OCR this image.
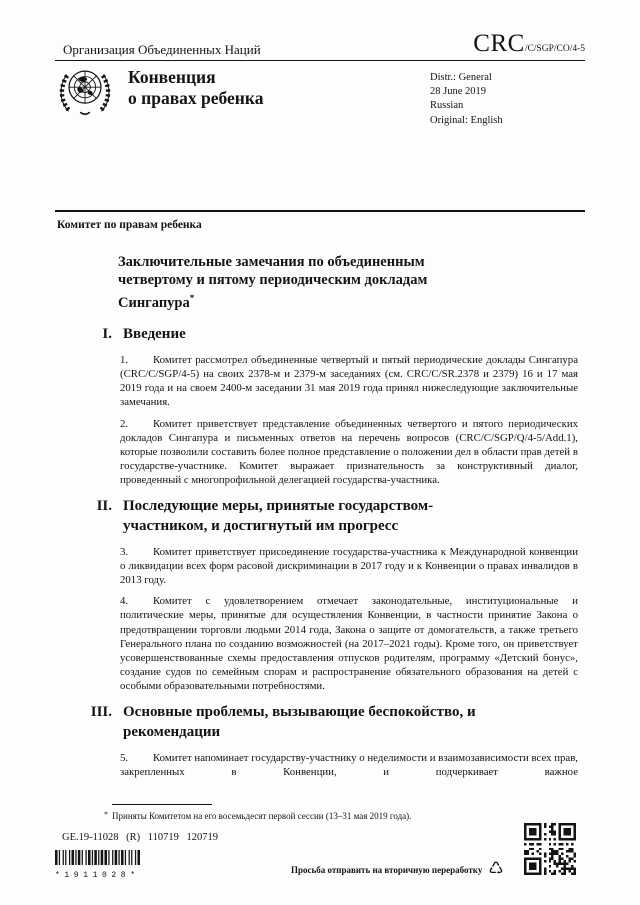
Организация Объединенных Наций	CRC/C/SGP/CO/4-5
Конвенция
о правах ребенка
Distr.: General
28 June 2019
Russian
Original: English
Комитет по правам ребенка
Заключительные замечания по объединенным четвертому и пятому периодическим докладам Сингапура*
I. Введение

1. Комитет рассмотрел объединенные четвертый и пятый периодические доклады Сингапура (CRC/C/SGP/4-5) на своих 2378-м и 2379-м заседаниях (см. CRC/C/SR.2378 и 2379) 16 и 17 мая 2019 года и на своем 2400-м заседании 31 мая 2019 года принял нижеследующие заключительные замечания.

2. Комитет приветствует представление объединенных четвертого и пятого периодических докладов Сингапура и письменных ответов на перечень вопросов (CRC/C/SGP/Q/4-5/Add.1), которые позволили составить более полное представление о положении дел в области прав детей в государстве-участнике. Комитет выражает признательность за конструктивный диалог, проведенный с многопрофильной делегацией государства-участника.

II. Последующие меры, принятые государством-участником, и достигнутый им прогресс

3. Комитет приветствует присоединение государства-участника к Международной конвенции о ликвидации всех форм расовой дискриминации в 2017 году и к Конвенции о правах инвалидов в 2013 году.

4. Комитет с удовлетворением отмечает законодательные, институциональные и политические меры, принятые для осуществления Конвенции, в частности принятие Закона о предотвращении торговли людьми 2014 года, Закона о защите от домогательств, а также третьего Генерального плана по созданию возможностей (на 2017–2021 годы). Кроме того, он приветствует усовершенствованные схемы предоставления отпусков родителям, программу «Детский бонус», создание судов по семейным спорам и распространение обязательного образования на детей с особыми образовательными потребностями.

III. Основные проблемы, вызывающие беспокойство, и рекомендации

5. Комитет напоминает государству-участнику о неделимости и взаимозависимости всех прав, закрепленных в Конвенции, и подчеркивает важное

* Приняты Комитетом на его восемьдесят первой сессии (13–31 мая 2019 года).
GE.19-11028 (R) 110719 120719
*1911028*
Просьба отправить на вторичную переработку ♺
